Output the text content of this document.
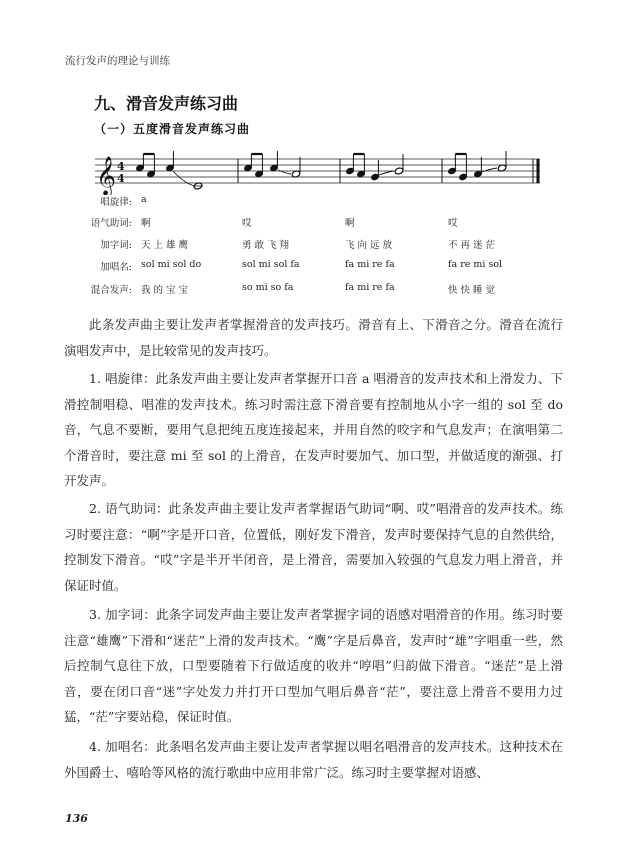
流行发声的理论与训练
九、滑音发声练习曲
（一）五度滑音发声练习曲
𝄞 4
4
唱旋律: a
语气助词: 啊	哎	啊	哎
加字词: 天 上 雄 鹰	勇 敢 飞 翔	飞 向 远 放	不 再 迷 茫
加唱名: sol mi sol do	sol mi sol fa	fa mi re fa	fa re mi sol
混合发声: 我 的 宝 宝	so mi so fa	fa mi re fa	快 快 睡 觉

此条发声曲主要让发声者掌握滑音的发声技巧。滑音有上、下滑音之分。滑音在流行演唱发声中，是比较常见的发声技巧。

1. 唱旋律：此条发声曲主要让发声者掌握开口音 a 唱滑音的发声技术和上滑发力、下滑控制唱稳、唱准的发声技术。练习时需注意下滑音要有控制地从小字一组的 sol 至 do 音，气息不要断，要用气息把纯五度连接起来，并用自然的咬字和气息发声；在演唱第二个滑音时，要注意 mi 至 sol 的上滑音，在发声时要加气、加口型，并做适度的渐强、打开发声。

2. 语气助词：此条发声曲主要让发声者掌握语气助词“啊、哎”唱滑音的发声技术。练习时要注意：“啊”字是开口音，位置低，刚好发下滑音，发声时要保持气息的自然供给，控制发下滑音。“哎”字是半开半闭音，是上滑音，需要加入较强的气息发力唱上滑音，并保证时值。

3. 加字词：此条字词发声曲主要让发声者掌握字词的语感对唱滑音的作用。练习时要注意“雄鹰”下滑和“迷茫”上滑的发声技术。“鹰”字是后鼻音，发声时“雄”字唱重一些，然后控制气息往下放，口型要随着下行做适度的收并“哼唱”归韵做下滑音。“迷茫”是上滑音，要在闭口音“迷”字处发力并打开口型加气唱后鼻音“茫”，要注意上滑音不要用力过猛，“茫”字要站稳，保证时值。

4. 加唱名：此条唱名发声曲主要让发声者掌握以唱名唱滑音的发声技术。这种技术在外国爵士、嘻哈等风格的流行歌曲中应用非常广泛。练习时主要掌握对语感、

136
